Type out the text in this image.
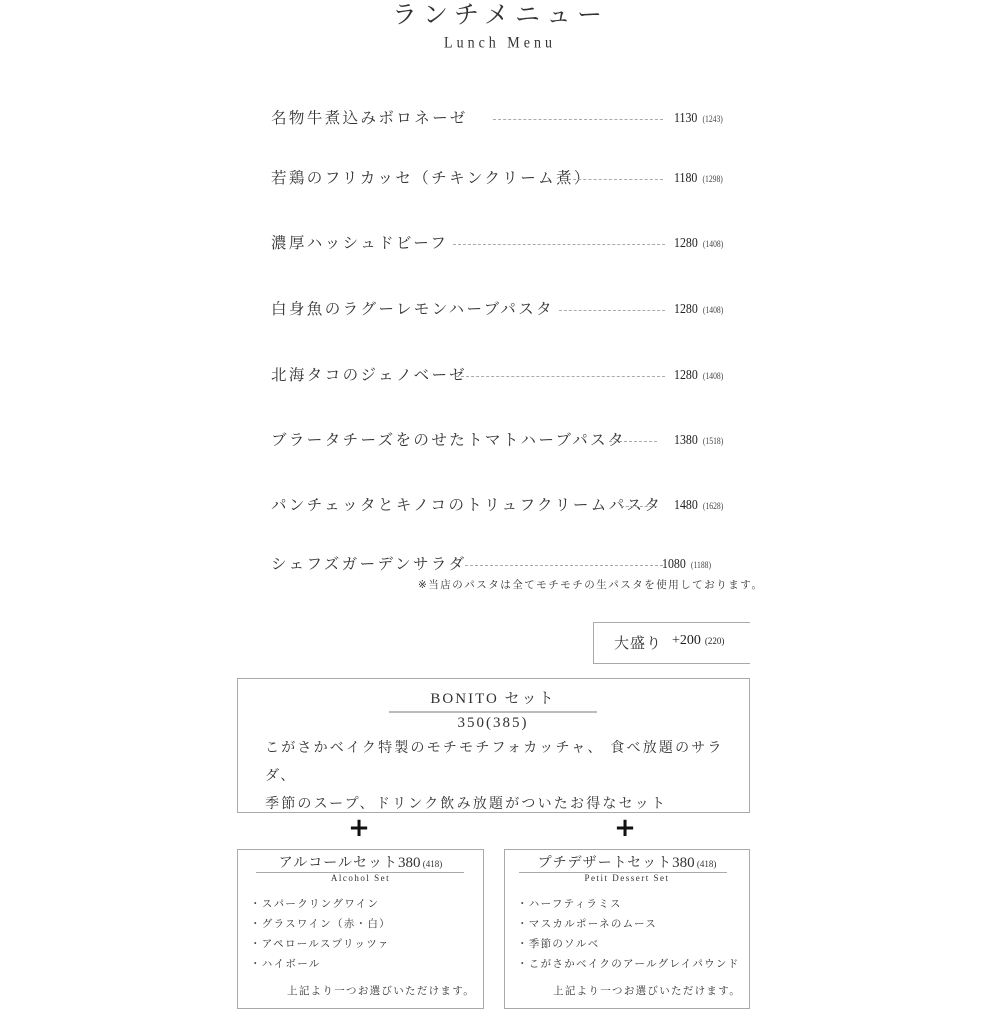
ランチメニュー
Lunch Menu
名物牛煮込みボロネーゼ	1130 (1243)
若鶏のフリカッセ（チキンクリーム煮）	1180 (1298)
濃厚ハッシュドビーフ	1280 (1408)
白身魚のラグーレモンハーブパスタ	1280 (1408)
北海タコのジェノベーゼ	1280 (1408)
ブラータチーズをのせたトマトハーブパスタ	1380 (1518)
パンチェッタとキノコのトリュフクリームパスタ 1480 (1628)
シェフズガーデンサラダ	1080 (1188)
※当店のパスタは全てモチモチの生パスタを使用しております。
大盛り +200 (220)
BONITO セット　350(385)
こがさかベイク特製のモチモチフォカッチャ、 食べ放題のサラダ、
季節のスープ、ドリンク飲み放題がついたお得なセット
+	+
アルコールセット380 (418)
Alcohol Set
・スパークリングワイン
・グラスワイン（赤・白）
・アペロールスプリッツァ
・ハイボール
上記より一つお選びいただけます。
プチデザートセット380 (418)
Petit Dessert Set
・ハーフティラミス
・マスカルポーネのムース
・季節のソルベ
・こがさかベイクのアールグレイパウンド
上記より一つお選びいただけます。
